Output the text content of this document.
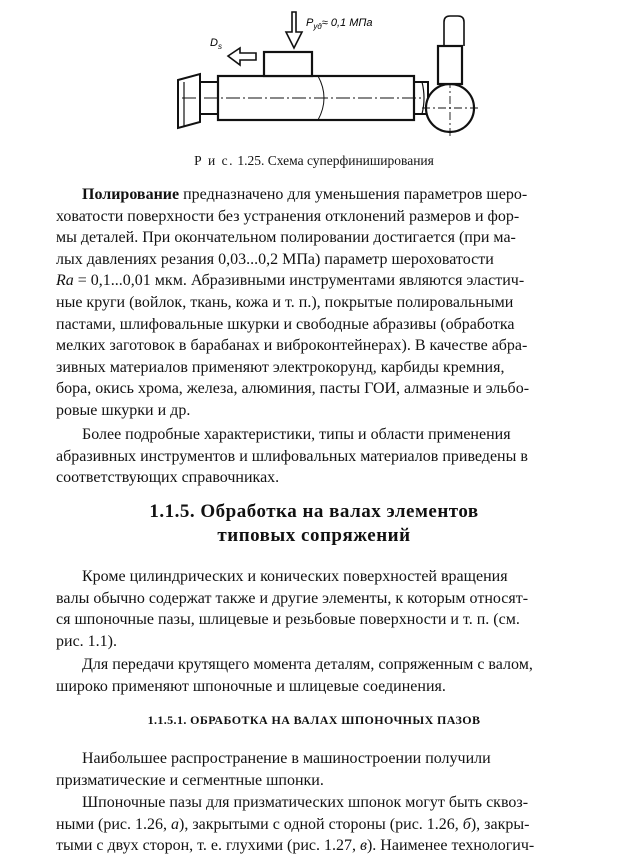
$P_{уд}\approx 0,1$ МПа
$D_s$
Р и с. 1.25. Схема суперфиниширования

Полирование предназначено для уменьшения параметров шеро-
ховатости поверхности без устранения отклонений размеров и фор-
мы деталей. При окончательном полировании достигается (при ма-
лых давлениях резания 0,03...0,2 МПа) параметр шероховатости
Ra = 0,1...0,01 мкм. Абразивными инструментами являются эластич-
ные круги (войлок, ткань, кожа и т. п.), покрытые полировальными
пастами, шлифовальные шкурки и свободные абразивы (обработка
мелких заготовок в барабанах и виброконтейнерах). В качестве абра-
зивных материалов применяют электрокорунд, карбиды кремния,
бора, окись хрома, железа, алюминия, пасты ГОИ, алмазные и эльбо-
ровые шкурки и др.

Более подробные характеристики, типы и области применения
абразивных инструментов и шлифовальных материалов приведены в
соответствующих справочниках.

1.1.5. Обработка на валах элементов
типовых сопряжений

Кроме цилиндрических и конических поверхностей вращения
валы обычно содержат также и другие элементы, к которым относят-
ся шпоночные пазы, шлицевые и резьбовые поверхности и т. п. (см.
рис. 1.1).

Для передачи крутящего момента деталям, сопряженным с валом,
широко применяют шпоночные и шлицевые соединения.

1.1.5.1. ОБРАБОТКА НА ВАЛАХ ШПОНОЧНЫХ ПАЗОВ

Наибольшее распространение в машиностроении получили
призматические и сегментные шпонки.

Шпоночные пазы для призматических шпонок могут быть сквоз-
ными (рис. 1.26, а), закрытыми с одной стороны (рис. 1.26, б), закры-
тыми с двух сторон, т. е. глухими (рис. 1.27, в). Наименее технологич-
